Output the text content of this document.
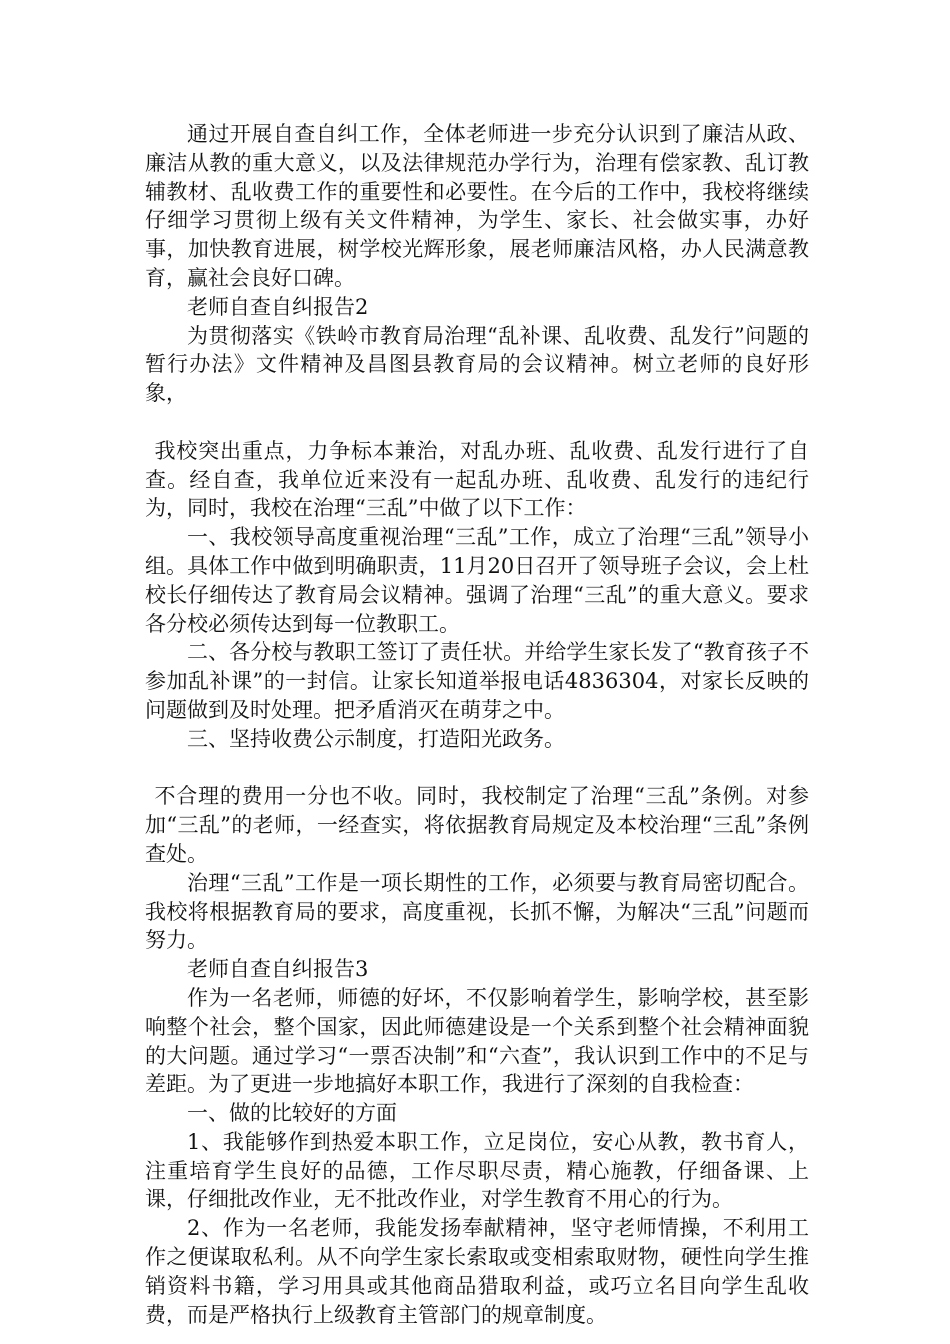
通过开展自查自纠工作，全体老师进一步充分认识到了廉洁从政、廉洁从教的重大意义，以及法律规范办学行为，治理有偿家教、乱订教辅教材、乱收费工作的重要性和必要性。在今后的工作中，我校将继续仔细学习贯彻上级有关文件精神，为学生、家长、社会做实事，办好事，加快教育进展，树学校光辉形象，展老师廉洁风格，办人民满意教育，赢社会良好口碑。

老师自查自纠报告2

为贯彻落实《铁岭市教育局治理“乱补课、乱收费、乱发行”问题的暂行办法》文件精神及昌图县教育局的会议精神。树立老师的良好形象，

我校突出重点，力争标本兼治，对乱办班、乱收费、乱发行进行了自查。经自查，我单位近来没有一起乱办班、乱收费、乱发行的违纪行为，同时，我校在治理“三乱”中做了以下工作：

一、我校领导高度重视治理“三乱”工作，成立了治理“三乱”领导小组。具体工作中做到明确职责，11月20日召开了领导班子会议，会上杜校长仔细传达了教育局会议精神。强调了治理“三乱”的重大意义。要求各分校必须传达到每一位教职工。

二、各分校与教职工签订了责任状。并给学生家长发了“教育孩子不参加乱补课”的一封信。让家长知道举报电话4836304，对家长反映的问题做到及时处理。把矛盾消灭在萌芽之中。

三、坚持收费公示制度，打造阳光政务。

不合理的费用一分也不收。同时，我校制定了治理“三乱”条例。对参加“三乱”的老师，一经查实，将依据教育局规定及本校治理“三乱”条例查处。

治理“三乱”工作是一项长期性的工作，必须要与教育局密切配合。我校将根据教育局的要求，高度重视，长抓不懈，为解决“三乱”问题而努力。

老师自查自纠报告3

作为一名老师，师德的好坏，不仅影响着学生，影响学校，甚至影响整个社会，整个国家，因此师德建设是一个关系到整个社会精神面貌的大问题。通过学习“一票否决制”和“六查”，我认识到工作中的不足与差距。为了更进一步地搞好本职工作，我进行了深刻的自我检查：

一、做的比较好的方面

1、我能够作到热爱本职工作，立足岗位，安心从教，教书育人，注重培育学生良好的品德，工作尽职尽责，精心施教，仔细备课、上课，仔细批改作业，无不批改作业，对学生教育不用心的行为。

2、作为一名老师，我能发扬奉献精神，坚守老师情操，不利用工作之便谋取私利。从不向学生家长索取或变相索取财物，硬性向学生推销资料书籍，学习用具或其他商品猎取利益，或巧立名目向学生乱收费，而是严格执行上级教育主管部门的规章制度。
